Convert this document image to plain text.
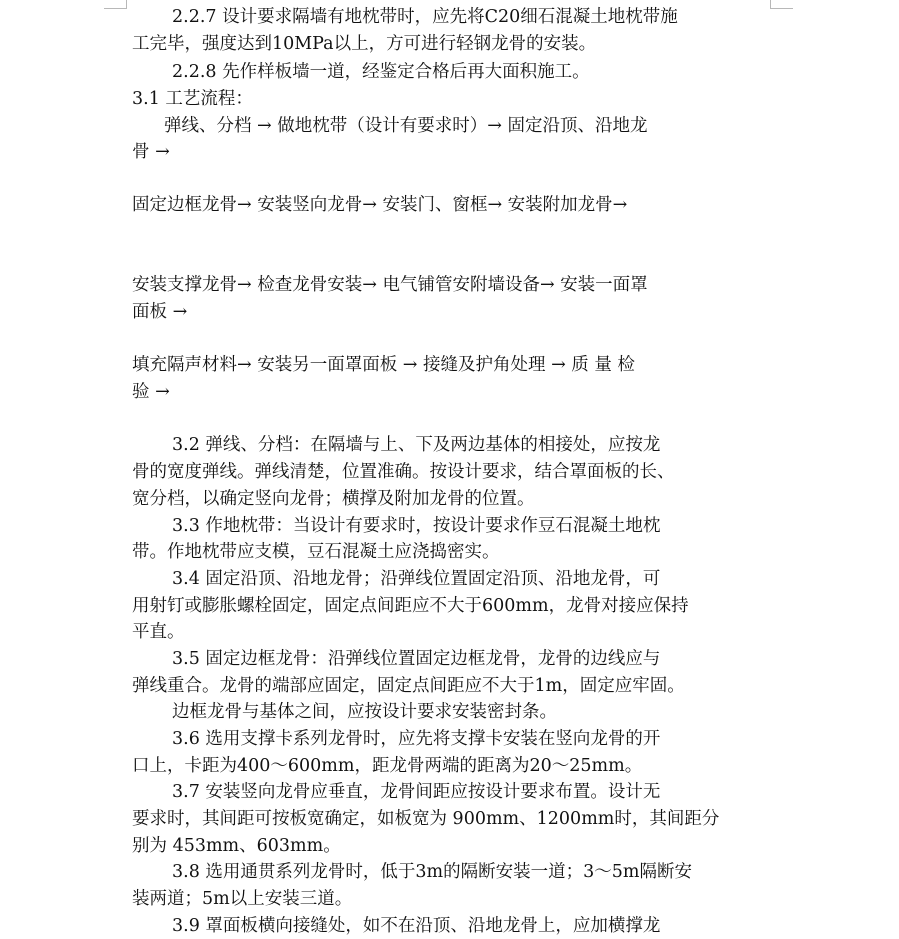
2.2.7 设计要求隔墙有地枕带时，应先将C20细石混凝土地枕带施
工完毕，强度达到10MPa以上，方可进行轻钢龙骨的安装。
2.2.8 先作样板墙一道，经鉴定合格后再大面积施工。
3.1 工艺流程：
弹线、分档 → 做地枕带（设计有要求时）→ 固定沿顶、沿地龙
骨 →
固定边框龙骨→ 安装竖向龙骨→ 安装门、窗框→ 安装附加龙骨→
安装支撑龙骨→ 检查龙骨安装→ 电气铺管安附墙设备→ 安装一面罩
面板 →
填充隔声材料→ 安装另一面罩面板 → 接缝及护角处理 → 质 量 检
验 →
3.2 弹线、分档：在隔墙与上、下及两边基体的相接处，应按龙
骨的宽度弹线。弹线清楚，位置准确。按设计要求，结合罩面板的长、
宽分档，以确定竖向龙骨；横撑及附加龙骨的位置。
3.3 作地枕带：当设计有要求时，按设计要求作豆石混凝土地枕
带。作地枕带应支模，豆石混凝土应浇捣密实。
3.4 固定沿顶、沿地龙骨；沿弹线位置固定沿顶、沿地龙骨，可
用射钉或膨胀螺栓固定，固定点间距应不大于600mm，龙骨对接应保持
平直。
3.5 固定边框龙骨：沿弹线位置固定边框龙骨，龙骨的边线应与
弹线重合。龙骨的端部应固定，固定点间距应不大于1m，固定应牢固。
边框龙骨与基体之间，应按设计要求安装密封条。
3.6 选用支撑卡系列龙骨时，应先将支撑卡安装在竖向龙骨的开
口上，卡距为400～600mm，距龙骨两端的距离为20～25mm。
3.7 安装竖向龙骨应垂直，龙骨间距应按设计要求布置。设计无
要求时，其间距可按板宽确定，如板宽为 900mm、1200mm时，其间距分
别为 453mm、603mm。
3.8 选用通贯系列龙骨时，低于3m的隔断安装一道；3～5m隔断安
装两道；5m以上安装三道。
3.9 罩面板横向接缝处，如不在沿顶、沿地龙骨上，应加横撑龙
